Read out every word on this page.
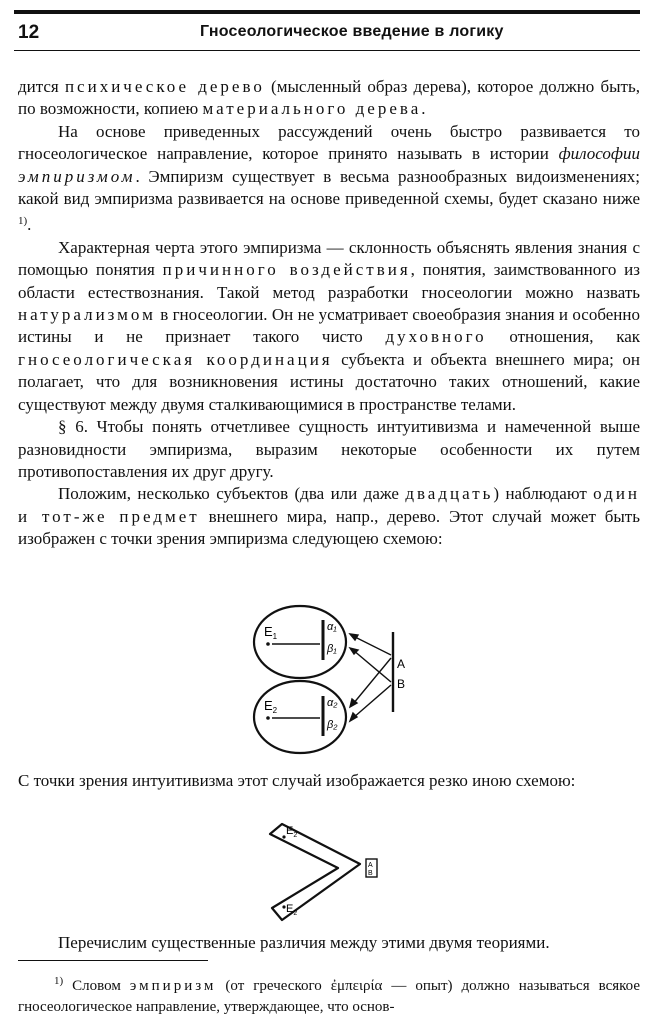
12	Гносеологическое введение в логику

дится психическое дерево (мысленный образ дерева), которое должно быть, по возможности, копиею материального дерева.

На основе приведенных рассуждений очень быстро развивается то гносеологическое направление, которое принято называть в истории философии эмпиризмом. Эмпиризм существует в весьма разнообразных видоизменениях; какой вид эмпиризма развивается на основе приведенной схемы, будет сказано ниже $^{1)}$.

Характерная черта этого эмпиризма — склонность объяснять явления знания с помощью понятия причинного воздействия, понятия, заимствованного из области естествознания. Такой метод разработки гносеологии можно назвать натурализмом в гносеологии. Он не усматривает своеобразия знания и особенно истины и не признает такого чисто духовного отношения, как гносеологическая координация субъекта и объекта внешнего мира; он полагает, что для возникновения истины достаточно таких отношений, какие существуют между двумя сталкивающимися в пространстве телами.

§ 6. Чтобы понять отчетливее сущность интуитивизма и намеченной выше разновидности эмпиризма, выразим некоторые особенности их путем противопоставления их друг другу.

Положим, несколько субъектов (два или даже двадцать) наблюдают один и тот-же предмет внешнего мира, напр., дерево. Этот случай может быть изображен с точки зрения эмпиризма следующею схемою:

$E_1$
$E_2$
α₁
β₁
α₂
β₂
A
B
С точки зрения интуитивизма этот случай изображается резко иною схемою:
$E_2$
$E_2$
A
B
Перечислим существенные различия между этими двумя теориями.
$^{1)}$ Словом эмпиризм (от греческого ἐμπειρία — опыт) должно называться всякое гносеологическое направление, утверждающее, что основ-
